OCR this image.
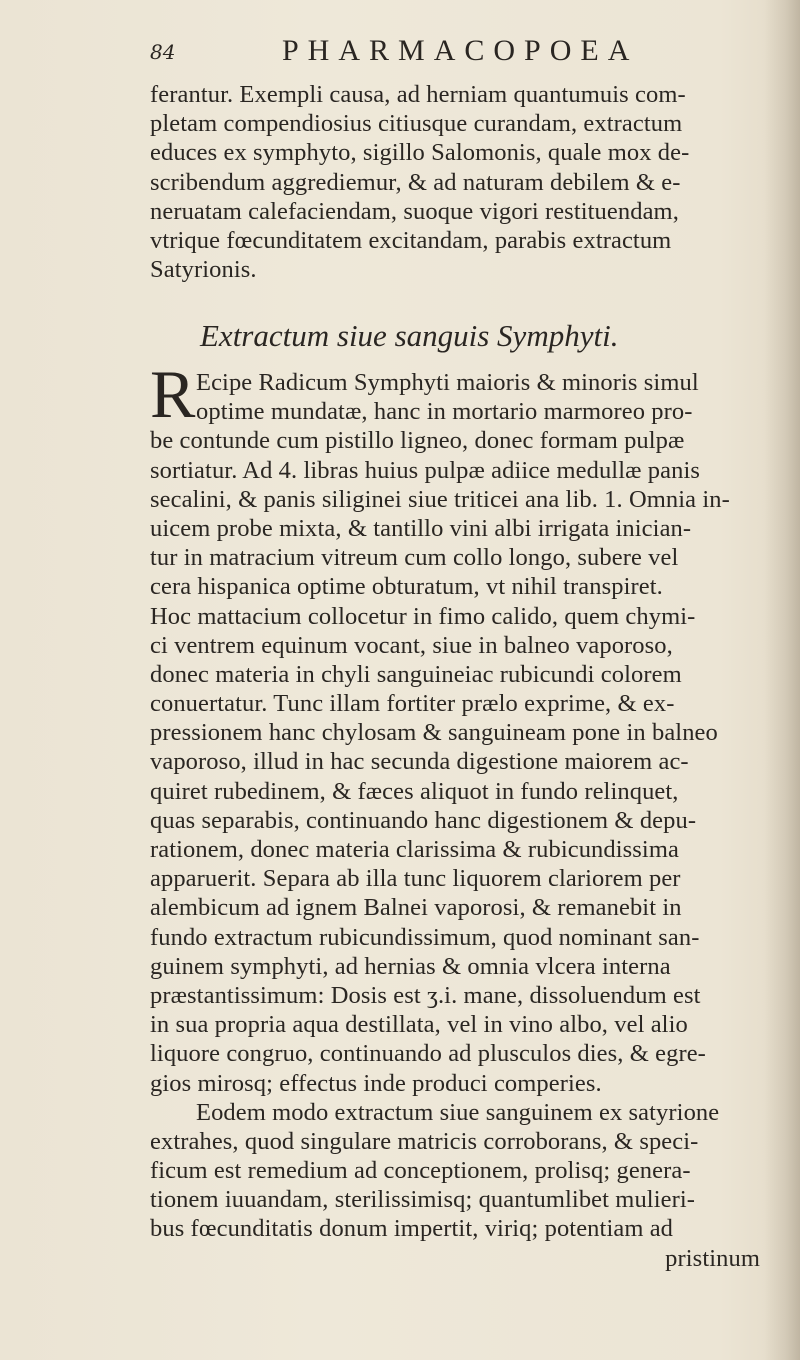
84	PHARMACOPOEA
ferantur. Exempli causa, ad herniam quantumuis com-
pletam compendiosius citiusque curandam, extractum
educes ex symphyto, sigillo Salomonis, quale mox de-
scribendum aggrediemur, & ad naturam debilem & e-
neruatam calefaciendam, suoque vigori restituendam,
vtrique fœcunditatem excitandam, parabis extractum
Satyrionis.
Extractum siue sanguis Symphyti.
R Ecipe Radicum Symphyti maioris & minoris simul
optime mundatæ, hanc in mortario marmoreo pro-
be contunde cum pistillo ligneo, donec formam pulpæ
sortiatur. Ad 4. libras huius pulpæ adiice medullæ panis
secalini, & panis siliginei siue triticei ana lib. 1. Omnia in-
uicem probe mixta, & tantillo vini albi irrigata inician-
tur in matracium vitreum cum collo longo, subere vel
cera hispanica optime obturatum, vt nihil transpiret.
Hoc mattacium collocetur in fimo calido, quem chymi-
ci ventrem equinum vocant, siue in balneo vaporoso,
donec materia in chyli sanguineiac rubicundi colorem
conuertatur. Tunc illam fortiter prælo exprime, & ex-
pressionem hanc chylosam & sanguineam pone in balneo
vaporoso, illud in hac secunda digestione maiorem ac-
quiret rubedinem, & fæces aliquot in fundo relinquet,
quas separabis, continuando hanc digestionem & depu-
rationem, donec materia clarissima & rubicundissima
apparuerit. Separa ab illa tunc liquorem clariorem per
alembicum ad ignem Balnei vaporosi, & remanebit in
fundo extractum rubicundissimum, quod nominant san-
guinem symphyti, ad hernias & omnia vlcera interna
præstantissimum: Dosis est ʒ.i. mane, dissoluendum est
in sua propria aqua destillata, vel in vino albo, vel alio
liquore congruo, continuando ad plusculos dies, & egre-
gios mirosq; effectus inde produci comperies.
Eodem modo extractum siue sanguinem ex satyrione
extrahes, quod singulare matricis corroborans, & speci-
ficum est remedium ad conceptionem, prolisq; genera-
tionem iuuandam, sterilissimisq; quantumlibet mulieri-
bus fœcunditatis donum impertit, viriq; potentiam ad
pristinum
